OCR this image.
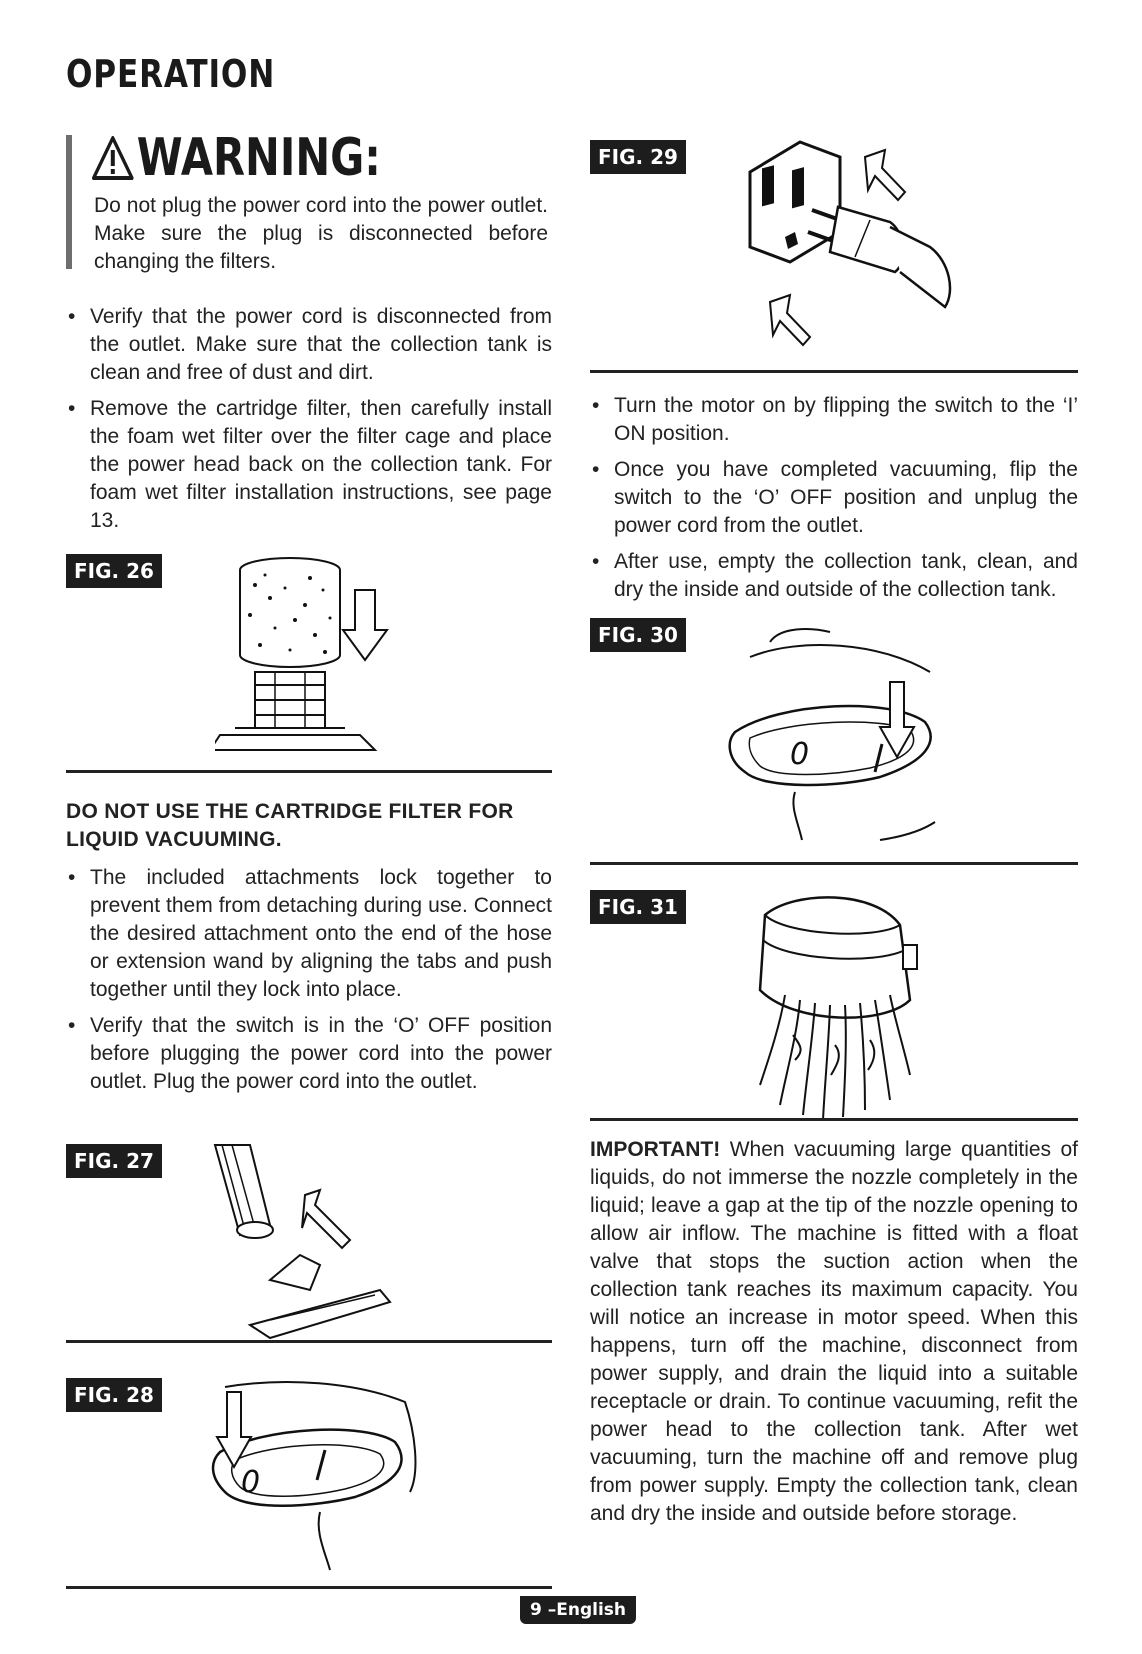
OPERATION
WARNING:
Do not plug the power cord into the power outlet. Make sure the plug is disconnected before changing the filters.
• Verify that the power cord is disconnected from the outlet. Make sure that the collection tank is clean and free of dust and dirt.
• Remove the cartridge filter, then carefully install the foam wet filter over the filter cage and place the power head back on the collection tank. For foam wet filter installation instructions, see page 13.
FIG. 26
DO NOT USE THE CARTRIDGE FILTER FOR LIQUID VACUUMING.
• The included attachments lock together to prevent them from detaching during use. Connect the desired attachment onto the end of the hose or extension wand by aligning the tabs and push together until they lock into place.
• Verify that the switch is in the ‘O’ OFF position before plugging the power cord into the power outlet. Plug the power cord into the outlet.
FIG. 27
FIG. 28
0
FIG. 29
• Turn the motor on by flipping the switch to the ‘I’ ON position.
• Once you have completed vacuuming, flip the switch to the ‘O’ OFF position and unplug the power cord from the outlet.
• After use, empty the collection tank, clean, and dry the inside and outside of the collection tank.
FIG. 30
0
FIG. 31
IMPORTANT! When vacuuming large quantities of liquids, do not immerse the nozzle completely in the liquid; leave a gap at the tip of the nozzle opening to allow air inflow. The machine is fitted with a float valve that stops the suction action when the collection tank reaches its maximum capacity. You will notice an increase in motor speed. When this happens, turn off the machine, disconnect from power supply, and drain the liquid into a suitable receptacle or drain. To continue vacuuming, refit the power head to the collection tank. After wet vacuuming, turn the machine off and remove plug from power supply. Empty the collection tank, clean and dry the inside and outside before storage.
9 –English
